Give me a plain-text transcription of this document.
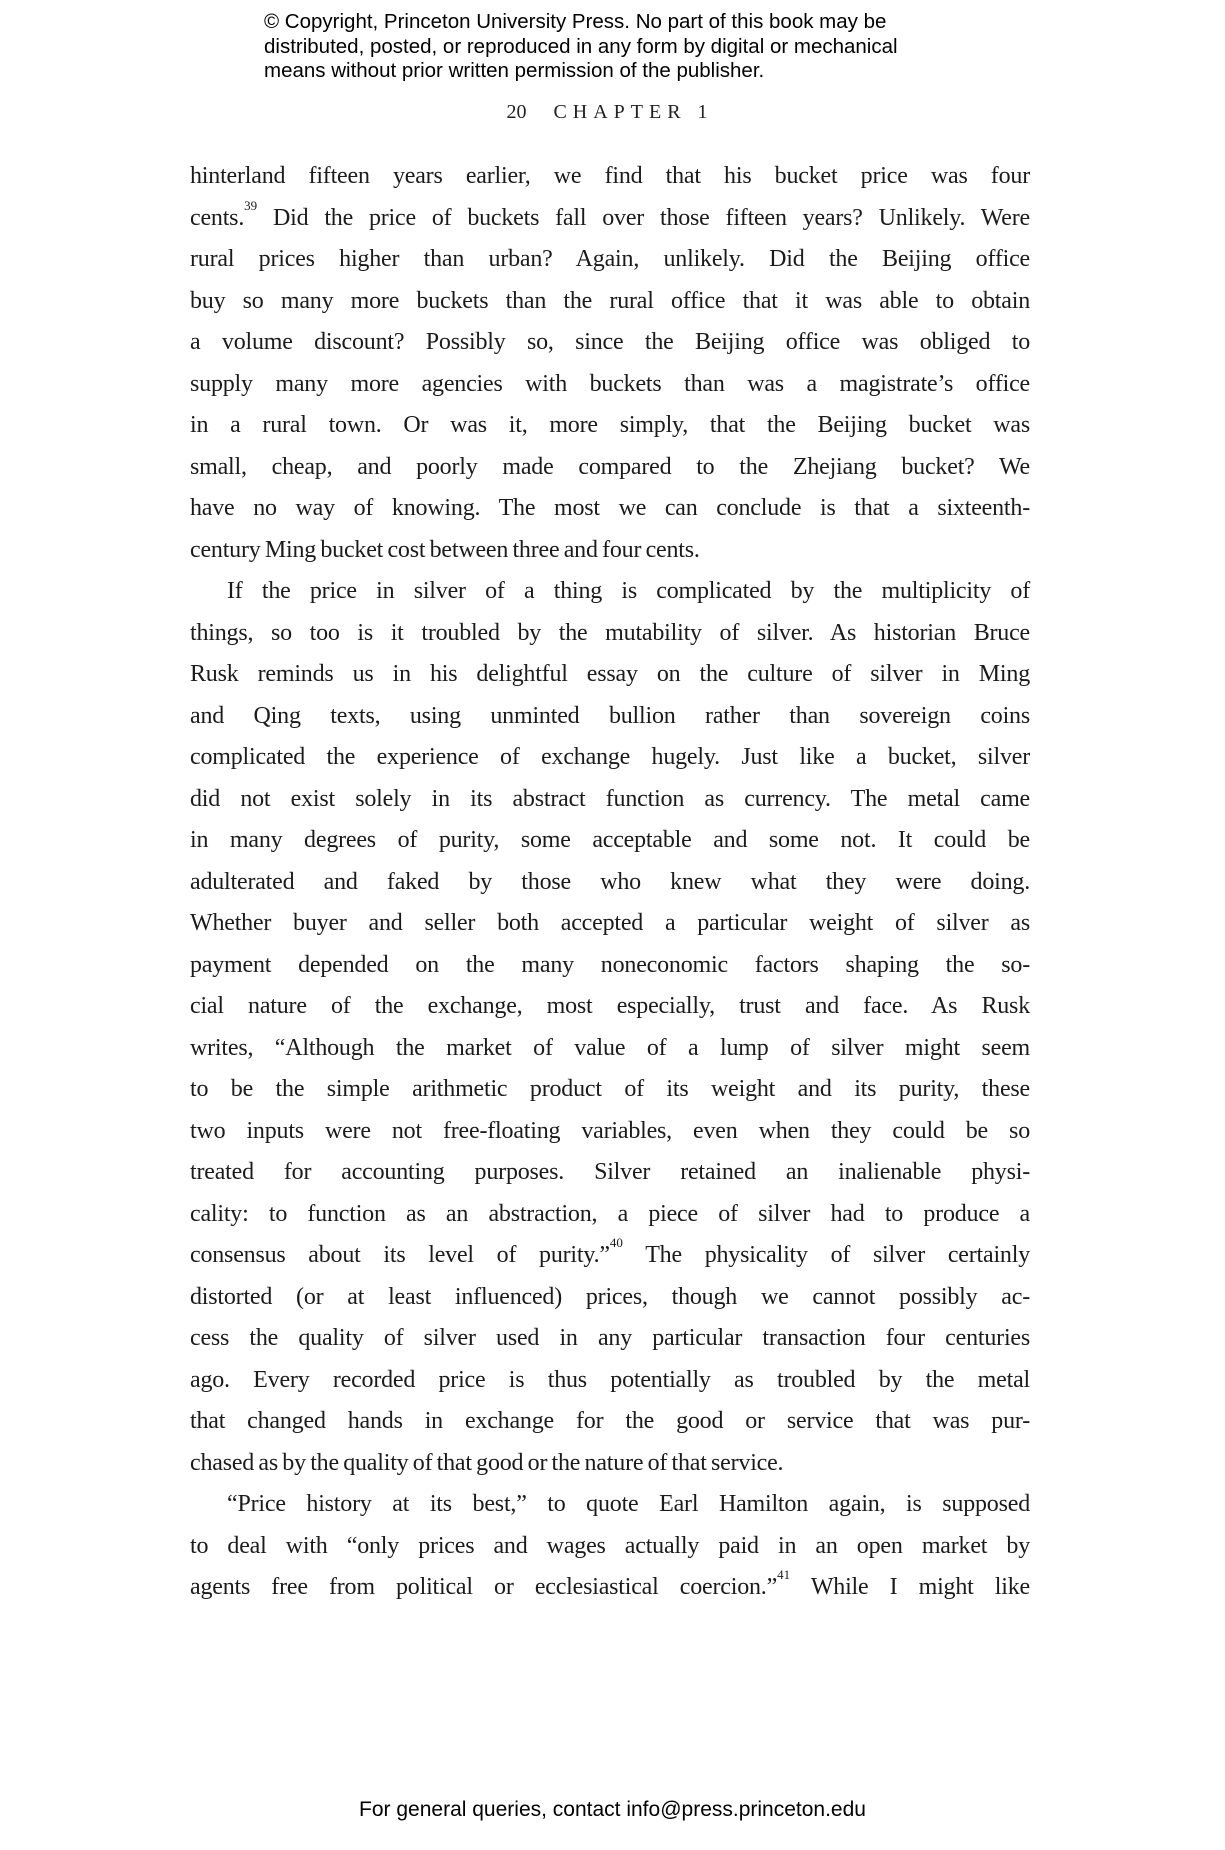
© Copyright, Princeton University Press. No part of this book may be
distributed, posted, or reproduced in any form by digital or mechanical
means without prior written permission of the publisher.
20 CHAPTER 1
hinterland fifteen years earlier, we find that his bucket price was four
cents.$^{39}$ Did the price of buckets fall over those fifteen years? Unlikely. Were
rural prices higher than urban? Again, unlikely. Did the Beijing office
buy so many more buckets than the rural office that it was able to obtain
a volume discount? Possibly so, since the Beijing office was obliged to
supply many more agencies with buckets than was a magistrate’s office
in a rural town. Or was it, more simply, that the Beijing bucket was
small, cheap, and poorly made compared to the Zhejiang bucket? We
have no way of knowing. The most we can conclude is that a sixteenth-
century Ming bucket cost between three and four cents.
If the price in silver of a thing is complicated by the multiplicity of
things, so too is it troubled by the mutability of silver. As historian Bruce
Rusk reminds us in his delightful essay on the culture of silver in Ming
and Qing texts, using unminted bullion rather than sovereign coins
complicated the experience of exchange hugely. Just like a bucket, silver
did not exist solely in its abstract function as currency. The metal came
in many degrees of purity, some acceptable and some not. It could be
adulterated and faked by those who knew what they were doing.
Whether buyer and seller both accepted a particular weight of silver as
payment depended on the many noneconomic factors shaping the so-
cial nature of the exchange, most especially, trust and face. As Rusk
writes, “Although the market of value of a lump of silver might seem
to be the simple arithmetic product of its weight and its purity, these
two inputs were not free-floating variables, even when they could be so
treated for accounting purposes. Silver retained an inalienable physi-
cality: to function as an abstraction, a piece of silver had to produce a
consensus about its level of purity.”$^{40}$ The physicality of silver certainly
distorted (or at least influenced) prices, though we cannot possibly ac-
cess the quality of silver used in any particular transaction four centuries
ago. Every recorded price is thus potentially as troubled by the metal
that changed hands in exchange for the good or service that was pur-
chased as by the quality of that good or the nature of that service.
“Price history at its best,” to quote Earl Hamilton again, is supposed
to deal with “only prices and wages actually paid in an open market by
agents free from political or ecclesiastical coercion.”$^{41}$ While I might like
For general queries, contact info@press.princeton.edu
